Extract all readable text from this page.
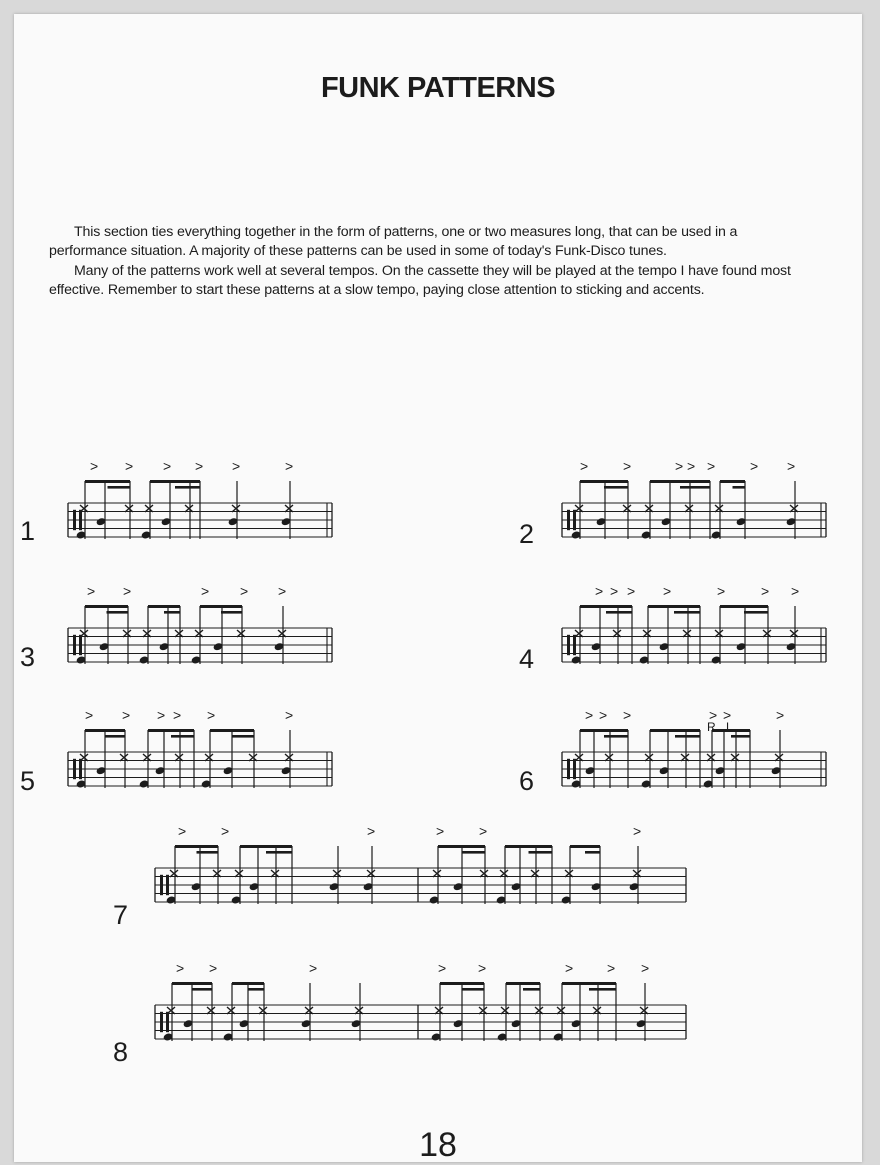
FUNK PATTERNS

This section ties everything together in the form of patterns, one or two measures long, that can be used in a performance situation. A majority of these patterns can be used in some of today's Funk-Disco tunes.

Many of the patterns work well at several tempos. On the cassette they will be played at the tempo I have found most effective. Remember to start these patterns at a slow tempo, paying close attention to sticking and accents.

18
1
> > > > >	>
2
> >	> > > > >
3
> >	> > >
4
> > > >	>	> >
5
> > > > >	>
6
> > >	> >	>
R L
7
> >	>	> >	>
8
> >	>	> >	> > >
